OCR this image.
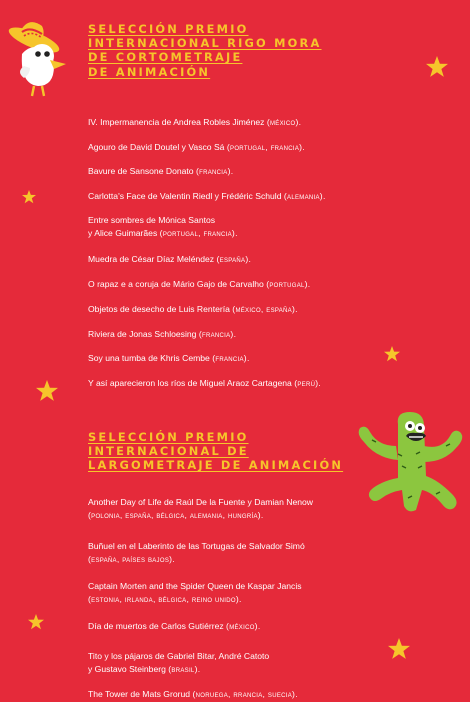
SELECCIÓN PREMIO
INTERNACIONAL RIGO MORA
DE CORTOMETRAJE
DE ANIMACIÓN
IV. Impermanencia de Andrea Robles Jiménez (méxico).
Agouro de David Doutel y Vasco Sá (portugal, francia).
Bavure de Sansone Donato (francia).
Carlotta's Face de Valentin Riedl y Frédéric Schuld (alemania).
Entre sombres de Mónica Santos
y Alice Guimarães (portugal, francia).
Muedra de César Díaz Meléndez (españa).
O rapaz e a coruja de Mário Gajo de Carvalho (portugal).
Objetos de desecho de Luis Rentería (méxico, españa).
Riviera de Jonas Schloesing (francia).
Soy una tumba de Khris Cembe (francia).
Y así aparecieron los ríos de Miguel Araoz Cartagena (perú).
SELECCIÓN PREMIO
INTERNACIONAL DE
LARGOMETRAJE DE ANIMACIÓN
Another Day of Life de Raúl De la Fuente y Damian Nenow
(polonia, españa, bélgica, alemania, hungría).
Buñuel en el Laberinto de las Tortugas de Salvador Simó
(españa, países bajos).
Captain Morten and the Spider Queen de Kaspar Jancis
(estonia, irlanda, bélgica, reino unido).
Día de muertos de Carlos Gutiérrez (méxico).
Tito y los pájaros de Gabriel Bitar, André Catoto
y Gustavo Steinberg (brasil).
The Tower de Mats Grorud (noruega, rrancia, suecia).
